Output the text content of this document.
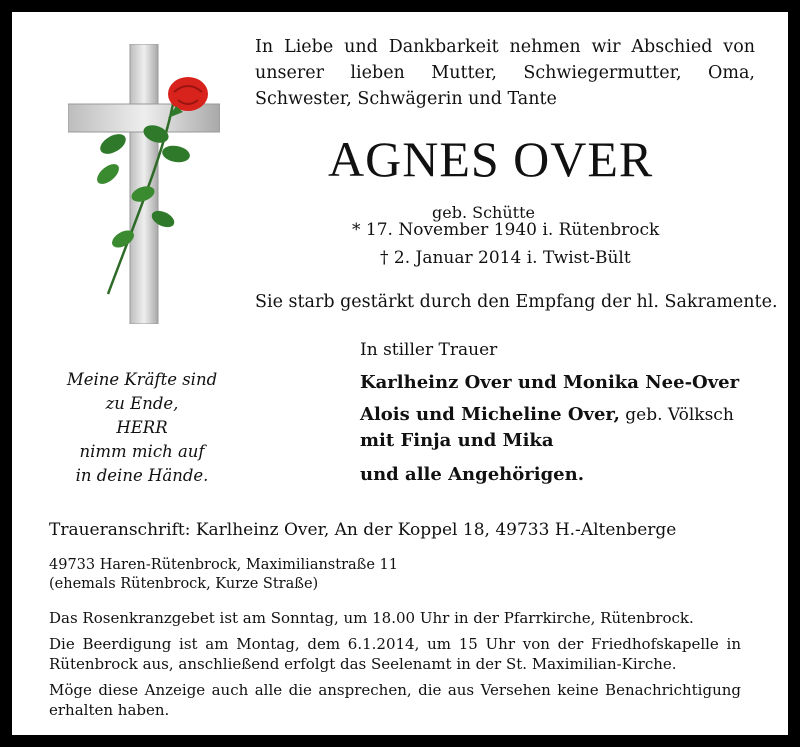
In Liebe und Dankbarkeit nehmen wir Abschied von unserer lieben Mutter, Schwiegermutter, Oma, Schwester, Schwägerin und Tante
AGNES OVER
geb. Schütte
* 17. November 1940 i. Rütenbrock
† 2. Januar 2014 i. Twist-Bült
Sie starb gestärkt durch den Empfang der hl. Sakramente.
In stiller Trauer
Karlheinz Over und Monika Nee-Over
Alois und Micheline Over, geb. Völksch
mit Finja und Mika
und alle Angehörigen.
Meine Kräfte sind
zu Ende,
HERR
nimm mich auf
in deine Hände.
Traueranschrift: Karlheinz Over, An der Koppel 18, 49733 H.-Altenberge
49733 Haren-Rütenbrock, Maximilianstraße 11
(ehemals Rütenbrock, Kurze Straße)
Das Rosenkranzgebet ist am Sonntag, um 18.00 Uhr in der Pfarrkirche, Rütenbrock.
Die Beerdigung ist am Montag, dem 6.1.2014, um 15 Uhr von der Friedhofskapelle in Rütenbrock aus, anschließend erfolgt das Seelenamt in der St. Maximilian-Kirche.
Möge diese Anzeige auch alle die ansprechen, die aus Versehen keine Benachrichtigung erhalten haben.
